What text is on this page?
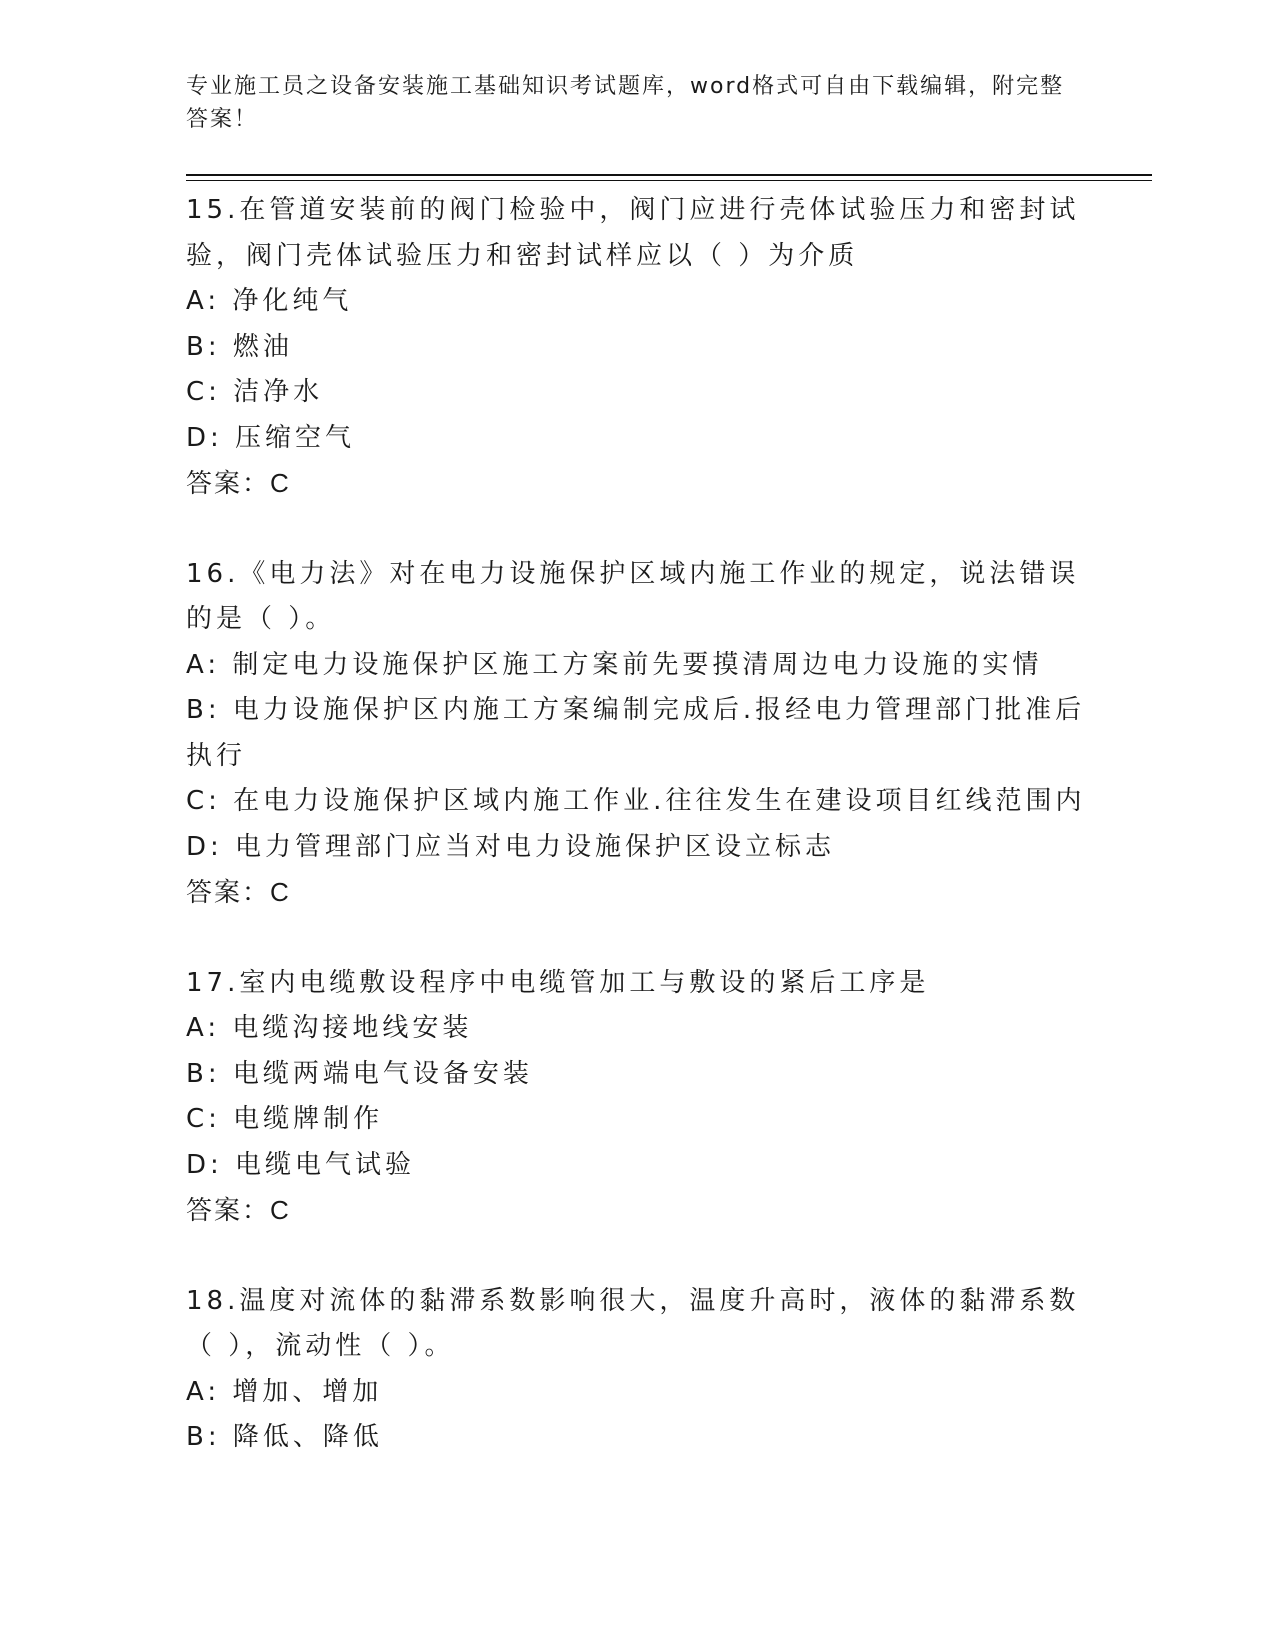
专业施工员之设备安装施工基础知识考试题库，word格式可自由下载编辑，附完整答案！
15.在管道安装前的阀门检验中，阀门应进行壳体试验压力和密封试验，阀门壳体试验压力和密封试样应以（ ）为介质
A: 净化纯气
B: 燃油
C: 洁净水
D: 压缩空气
答案：C
16.《电力法》对在电力设施保护区域内施工作业的规定，说法错误的是（ ）。
A: 制定电力设施保护区施工方案前先要摸清周边电力设施的实情
B: 电力设施保护区内施工方案编制完成后.报经电力管理部门批准后执行
C: 在电力设施保护区域内施工作业.往往发生在建设项目红线范围内
D: 电力管理部门应当对电力设施保护区设立标志
答案：C
17.室内电缆敷设程序中电缆管加工与敷设的紧后工序是
A: 电缆沟接地线安装
B: 电缆两端电气设备安装
C: 电缆牌制作
D: 电缆电气试验
答案：C
18.温度对流体的黏滞系数影响很大，温度升高时，液体的黏滞系数（ ），流动性（ ）。
A: 增加、增加
B: 降低、降低
